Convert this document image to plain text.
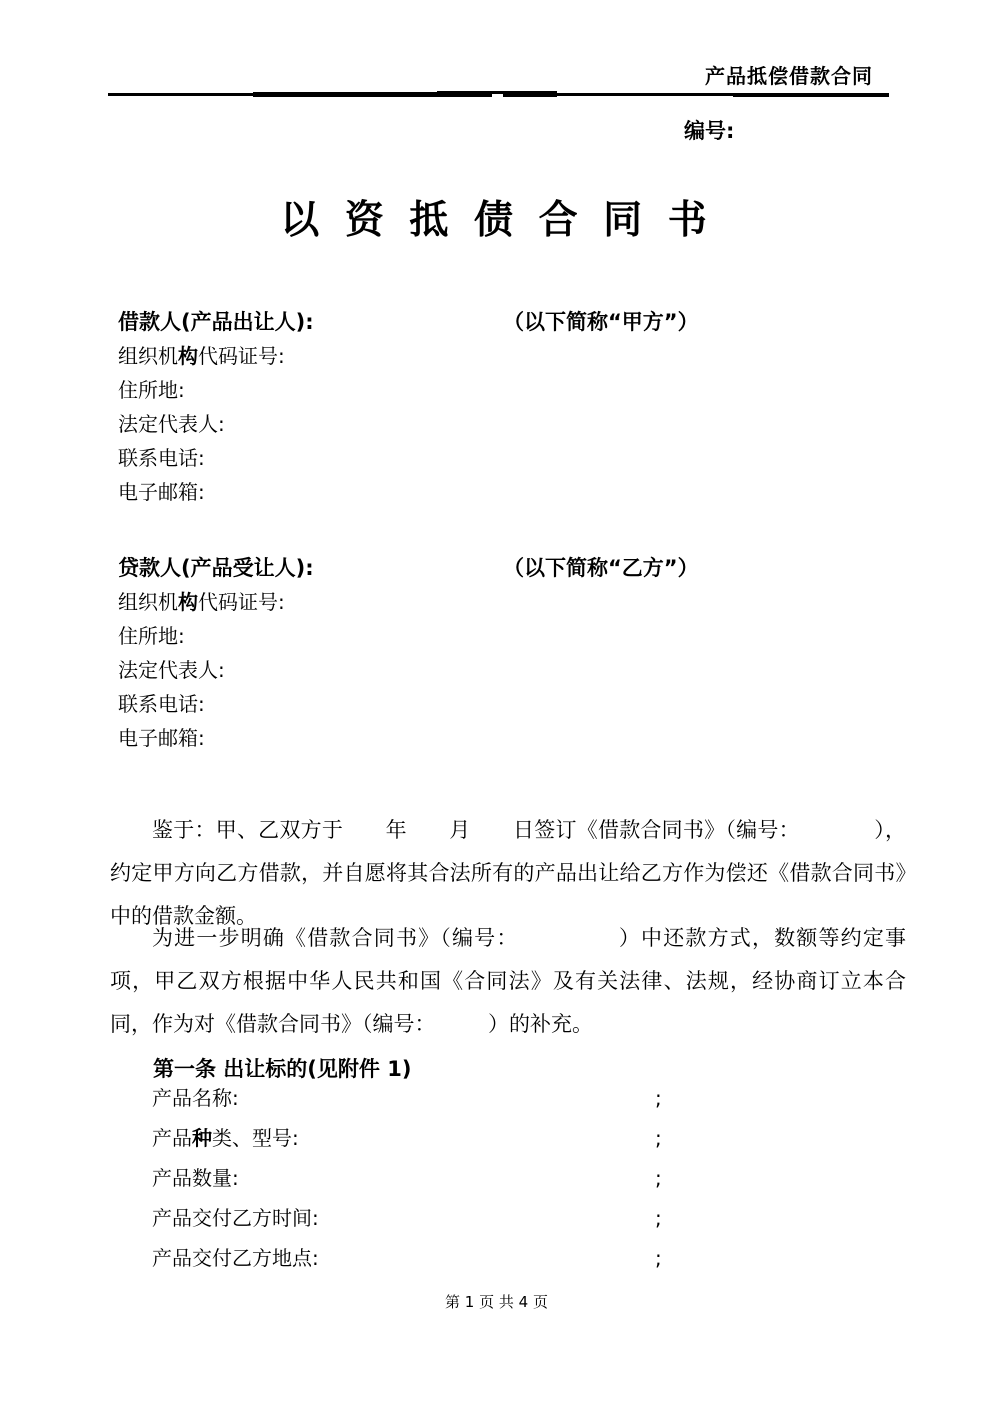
产品抵偿借款合同
编号:
以 资 抵 债 合 同 书
借款人(产品出让人):	（以下简称“甲方”）
组织机构代码证号:
住所地:
法定代表人:
联系电话:
电子邮箱:
贷款人(产品受让人):	（以下简称“乙方”）
组织机构代码证号:
住所地:
法定代表人:
联系电话:
电子邮箱:
鉴于：甲、乙双方于　　年　　月　　日签订《借款合同书》（编号：　　　　），约定甲方向乙方借款，并自愿将其合法所有的产品出让给乙方作为偿还《借款合同书》中的借款金额。
为进一步明确《借款合同书》（编号：　　　　　）中还款方式，数额等约定事项，甲乙双方根据中华人民共和国《合同法》及有关法律、法规，经协商订立本合同，作为对《借款合同书》（编号：　　　）的补充。
第一条 出让标的(见附件 1)
产品名称:	;
产品种类、型号:	;
产品数量:	;
产品交付乙方时间:	;
产品交付乙方地点:	;
第 1 页 共 4 页
